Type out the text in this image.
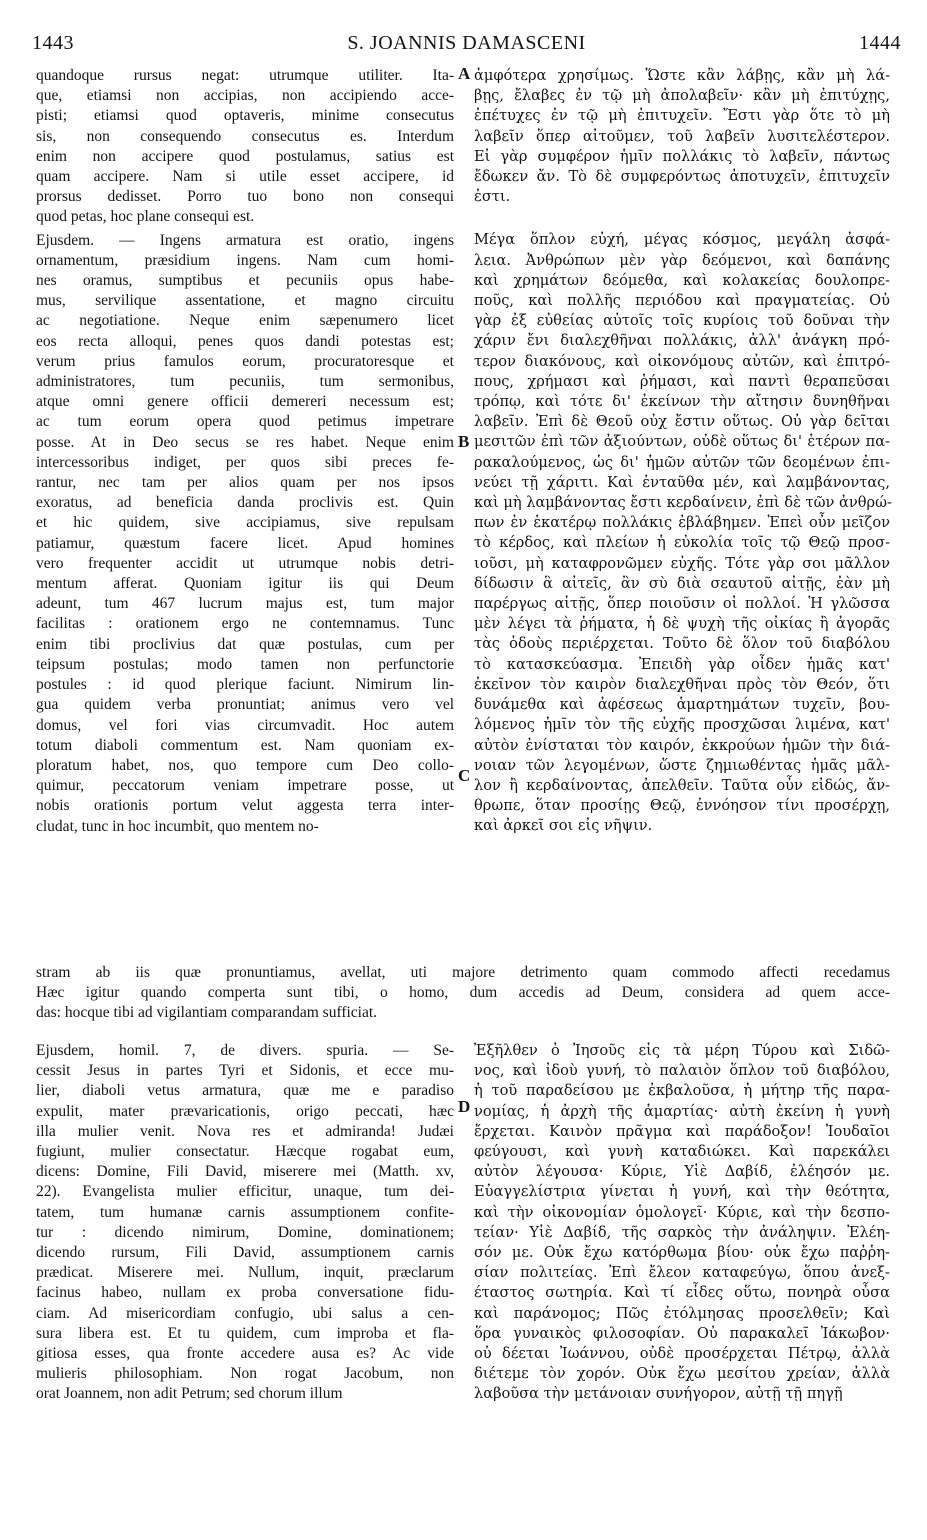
1443	S. JOANNIS DAMASCENI	1444

quandoque rursus negat: utrumque utiliter. Ita-

que, etiamsi non accipias, non accipiendo acce-

pisti; etiamsi quod optaveris, minime consecutus

sis, non consequendo consecutus es. Interdum

enim non accipere quod postulamus, satius est

quam accipere. Nam si utile esset accipere, id

prorsus dedisset. Porro tuo bono non consequi

quod petas, hoc plane consequi est.

Ejusdem. — Ingens armatura est oratio, ingens

ornamentum, præsidium ingens. Nam cum homi-

nes oramus, sumptibus et pecuniis opus habe-

mus, servilique assentatione, et magno circuitu

ac negotiatione. Neque enim sæpenumero licet

eos recta alloqui, penes quos dandi potestas est;

verum prius famulos eorum, procuratoresque et

administratores, tum pecuniis, tum sermonibus,

atque omni genere officii demereri necessum est;

ac tum eorum opera quod petimus impetrare

posse. At in Deo secus se res habet. Neque enim

intercessoribus indiget, per quos sibi preces fe-

rantur, nec tam per alios quam per nos ipsos

exoratus, ad beneficia danda proclivis est. Quin

et hic quidem, sive accipiamus, sive repulsam

patiamur, quæstum facere licet. Apud homines

vero frequenter accidit ut utrumque nobis detri-

mentum afferat. Quoniam igitur iis qui Deum

adeunt, tum 467 lucrum majus est, tum major

facilitas : orationem ergo ne contemnamus. Tunc

enim tibi proclivius dat quæ postulas, cum per

teipsum postulas; modo tamen non perfunctorie

postules : id quod plerique faciunt. Nimirum lin-

gua quidem verba pronuntiat; animus vero vel

domus, vel fori vias circumvadit. Hoc autem

totum diaboli commentum est. Nam quoniam ex-

ploratum habet, nos, quo tempore cum Deo collo-

quimur, peccatorum veniam impetrare posse, ut

nobis orationis portum velut aggesta terra inter-

cludat, tunc in hoc incumbit, quo mentem no-

ἀμφότερα χρησίμως. Ὥστε κἂν λάβῃς, κἂν μὴ λά-

βῃς, ἔλαβες ἐν τῷ μὴ ἀπολαβεῖν· κἂν μὴ ἐπιτύχῃς,

ἐπέτυχες ἐν τῷ μὴ ἐπιτυχεῖν. Ἔστι γὰρ ὅτε τὸ μὴ

λαβεῖν ὅπερ αἰτοῦμεν, τοῦ λαβεῖν λυσιτελέστερον.

Εἰ γὰρ συμφέρον ἡμῖν πολλάκις τὸ λαβεῖν, πάντως

ἔδωκεν ἄν. Τὸ δὲ συμφερόντως ἀποτυχεῖν, ἐπιτυχεῖν

ἐστι.

Μέγα ὅπλον εὐχή, μέγας κόσμος, μεγάλη ἀσφά-

λεια. Ἀνθρώπων μὲν γὰρ δεόμενοι, καὶ δαπάνης

καὶ χρημάτων δεόμεθα, καὶ κολακείας δουλοπρε-

ποῦς, καὶ πολλῆς περιόδου καὶ πραγματείας. Οὐ

γὰρ ἐξ εὐθείας αὐτοῖς τοῖς κυρίοις τοῦ δοῦναι τὴν

χάριν ἔνι διαλεχθῆναι πολλάκις, ἀλλ' ἀνάγκη πρό-

τερον διακόνους, καὶ οἰκονόμους αὐτῶν, καὶ ἐπιτρό-

πους, χρήμασι καὶ ῥήμασι, καὶ παντὶ θεραπεῦσαι

τρόπῳ, καὶ τότε δι' ἐκείνων τὴν αἴτησιν δυνηθῆναι

λαβεῖν. Ἐπὶ δὲ Θεοῦ οὐχ ἔστιν οὕτως. Οὐ γὰρ δεῖται

μεσιτῶν ἐπὶ τῶν ἀξιούντων, οὐδὲ οὕτως δι' ἑτέρων πα-

ρακαλούμενος, ὡς δι' ἡμῶν αὐτῶν τῶν δεομένων ἐπι-

νεύει τῇ χάριτι. Καὶ ἐνταῦθα μέν, καὶ λαμβάνοντας,

καὶ μὴ λαμβάνοντας ἔστι κερδαίνειν, ἐπὶ δὲ τῶν ἀνθρώ-

πων ἐν ἑκατέρῳ πολλάκις ἐβλάβημεν. Ἐπεὶ οὖν μεῖζον

τὸ κέρδος, καὶ πλείων ἡ εὐκολία τοῖς τῷ Θεῷ προσ-

ιοῦσι, μὴ καταφρονῶμεν εὐχῆς. Τότε γὰρ σοι μᾶλλον

δίδωσιν ἃ αἰτεῖς, ἂν σὺ διὰ σεαυτοῦ αἰτῇς, ἐὰν μὴ

παρέργως αἰτῇς, ὅπερ ποιοῦσιν οἱ πολλοί. Ἡ γλῶσσα

μὲν λέγει τὰ ῥήματα, ἡ δὲ ψυχὴ τῆς οἰκίας ἢ ἀγορᾶς

τὰς ὁδοὺς περιέρχεται. Τοῦτο δὲ ὅλον τοῦ διαβόλου

τὸ κατασκεύασμα. Ἐπειδὴ γὰρ οἶδεν ἡμᾶς κατ'

ἐκεῖνον τὸν καιρὸν διαλεχθῆναι πρὸς τὸν Θεόν, ὅτι

δυνάμεθα καὶ ἀφέσεως ἁμαρτημάτων τυχεῖν, βου-

λόμενος ἡμῖν τὸν τῆς εὐχῆς προσχῶσαι λιμένα, κατ'

αὐτὸν ἐνίσταται τὸν καιρόν, ἐκκρούων ἡμῶν τὴν διά-

νοιαν τῶν λεγομένων, ὥστε ζημιωθέντας ἡμᾶς μᾶλ-

λον ἢ κερδαίνοντας, ἀπελθεῖν. Ταῦτα οὖν εἰδώς, ἄν-

θρωπε, ὅταν προσίῃς Θεῷ, ἐννόησον τίνι προσέρχῃ,

καὶ ἀρκεῖ σοι εἰς νῆψιν.

stram ab iis quæ pronuntiamus, avellat, uti majore detrimento quam commodo affecti recedamus

Hæc igitur quando comperta sunt tibi, o homo, dum accedis ad Deum, considera ad quem acce-

das: hocque tibi ad vigilantiam comparandam sufficiat.

Ejusdem, homil. 7, de divers. spuria. — Se-

cessit Jesus in partes Tyri et Sidonis, et ecce mu-

lier, diaboli vetus armatura, quæ me e paradiso

expulit, mater prævaricationis, origo peccati, hæc

illa mulier venit. Nova res et admiranda! Judæi

fugiunt, mulier consectatur. Hæcque rogabat eum,

dicens: Domine, Fili David, miserere mei (Matth. xv,

22). Evangelista mulier efficitur, unaque, tum dei-

tatem, tum humanæ carnis assumptionem confite-

tur : dicendo nimirum, Domine, dominationem;

dicendo rursum, Fili David, assumptionem carnis

prædicat. Miserere mei. Nullum, inquit, præclarum

facinus habeo, nullam ex proba conversatione fidu-

ciam. Ad misericordiam confugio, ubi salus a cen-

sura libera est. Et tu quidem, cum improba et fla-

gitiosa esses, qua fronte accedere ausa es? Ac vide

mulieris philosophiam. Non rogat Jacobum, non

orat Joannem, non adit Petrum; sed chorum illum

Ἐξῆλθεν ὁ Ἰησοῦς εἰς τὰ μέρη Τύρου καὶ Σιδῶ-

νος, καὶ ἰδοὺ γυνή, τὸ παλαιὸν ὅπλον τοῦ διαβόλου,

ἡ τοῦ παραδείσου με ἐκβαλοῦσα, ἡ μήτηρ τῆς παρα-

νομίας, ἡ ἀρχὴ τῆς ἁμαρτίας· αὐτὴ ἐκείνη ἡ γυνὴ

ἔρχεται. Καινὸν πρᾶγμα καὶ παράδοξον! Ἰουδαῖοι

φεύγουσι, καὶ γυνὴ καταδιώκει. Καὶ παρεκάλει

αὐτὸν λέγουσα· Κύριε, Υἱὲ Δαβίδ, ἐλέησόν με.

Εὐαγγελίστρια γίνεται ἡ γυνή, καὶ τὴν θεότητα,

καὶ τὴν οἰκονομίαν ὁμολογεῖ· Κύριε, καὶ τὴν δεσπο-

τείαν· Υἱὲ Δαβίδ, τῆς σαρκὸς τὴν ἀνάληψιν. Ἐλέη-

σόν με. Οὐκ ἔχω κατόρθωμα βίου· οὐκ ἔχω παῤῥη-

σίαν πολιτείας. Ἐπὶ ἔλεον καταφεύγω, ὅπου ἀνεξ-

έταστος σωτηρία. Καὶ τί εἶδες οὕτω, πονηρὰ οὖσα

καὶ παράνομος; Πῶς ἐτόλμησας προσελθεῖν; Καὶ

ὅρα γυναικὸς φιλοσοφίαν. Οὐ παρακαλεῖ Ἰάκωβον·

οὐ δέεται Ἰωάννου, οὐδὲ προσέρχεται Πέτρῳ, ἀλλὰ

διέτεμε τὸν χορόν. Οὐκ ἔχω μεσίτου χρείαν, ἀλλὰ

λαβοῦσα τὴν μετάνοιαν συνήγορον, αὐτῇ τῇ πηγῇ

A
B
C
D
